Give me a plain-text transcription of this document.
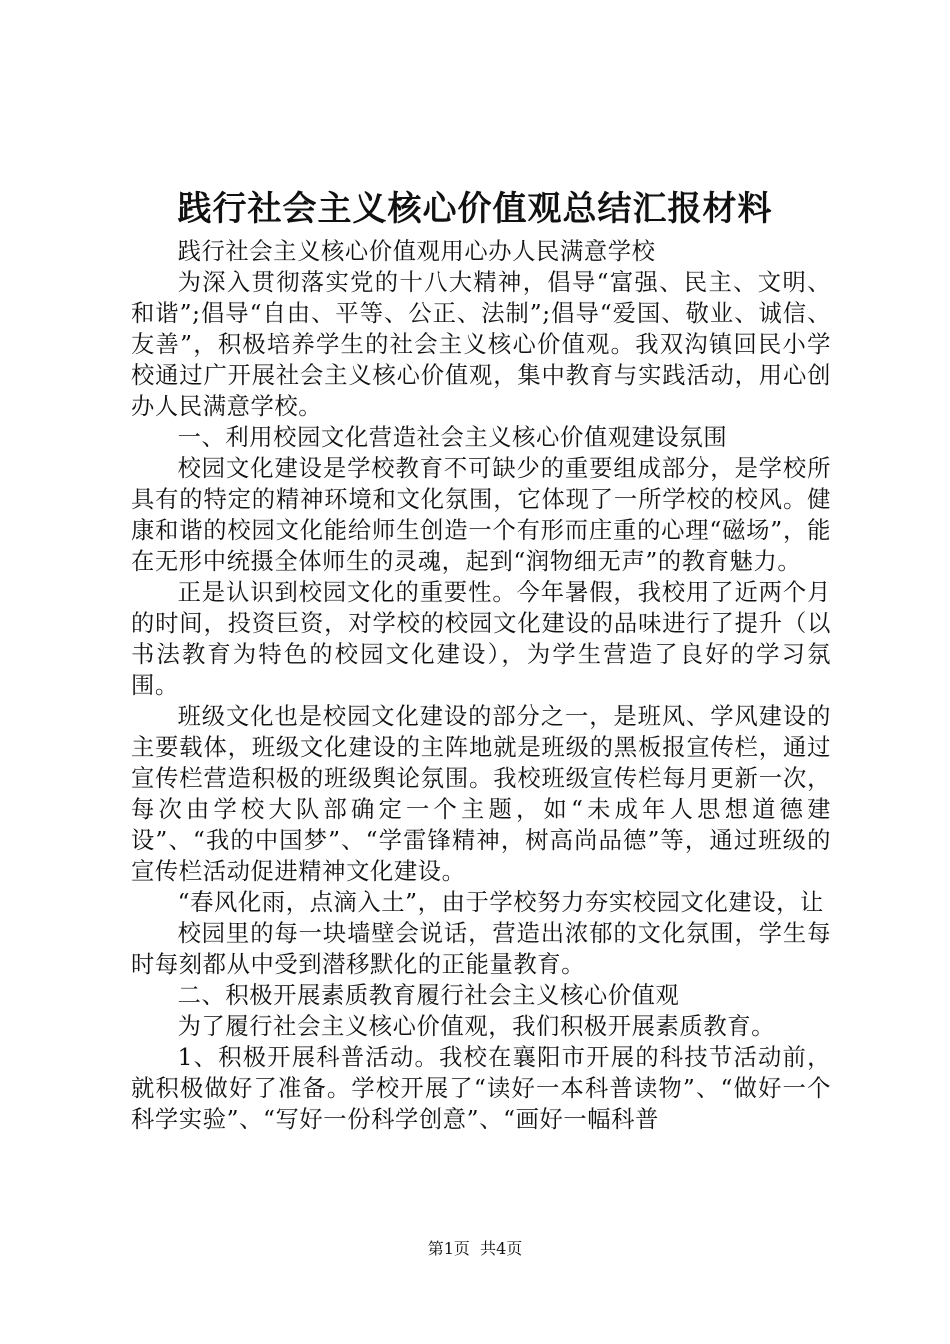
践行社会主义核心价值观总结汇报材料

践行社会主义核心价值观用心办人民满意学校

为深入贯彻落实党的十八大精神，倡导“富强、民主、文明、和谐”;倡导“自由、平等、公正、法制”;倡导“爱国、敬业、诚信、友善”，积极培养学生的社会主义核心价值观。我双沟镇回民小学校通过广开展社会主义核心价值观，集中教育与实践活动，用心创办人民满意学校。

一、利用校园文化营造社会主义核心价值观建设氛围

校园文化建设是学校教育不可缺少的重要组成部分，是学校所具有的特定的精神环境和文化氛围，它体现了一所学校的校风。健康和谐的校园文化能给师生创造一个有形而庄重的心理“磁场”，能在无形中统摄全体师生的灵魂，起到“润物细无声”的教育魅力。

正是认识到校园文化的重要性。今年暑假，我校用了近两个月的时间，投资巨资，对学校的校园文化建设的品味进行了提升（以书法教育为特色的校园文化建设），为学生营造了良好的学习氛围。

班级文化也是校园文化建设的部分之一，是班风、学风建设的主要载体，班级文化建设的主阵地就是班级的黑板报宣传栏，通过宣传栏营造积极的班级舆论氛围。我校班级宣传栏每月更新一次，每次由学校大队部确定一个主题，如“未成年人思想道德建设”、“我的中国梦”、“学雷锋精神，树高尚品德”等，通过班级的宣传栏活动促进精神文化建设。

“春风化雨，点滴入土”，由于学校努力夯实校园文化建设，让

校园里的每一块墙壁会说话，营造出浓郁的文化氛围，学生每时每刻都从中受到潜移默化的正能量教育。

二、积极开展素质教育履行社会主义核心价值观

为了履行社会主义核心价值观，我们积极开展素质教育。

1、积极开展科普活动。我校在襄阳市开展的科技节活动前，就积极做好了准备。学校开展了“读好一本科普读物”、“做好一个科学实验”、“写好一份科学创意”、“画好一幅科普

第1页  共4页
